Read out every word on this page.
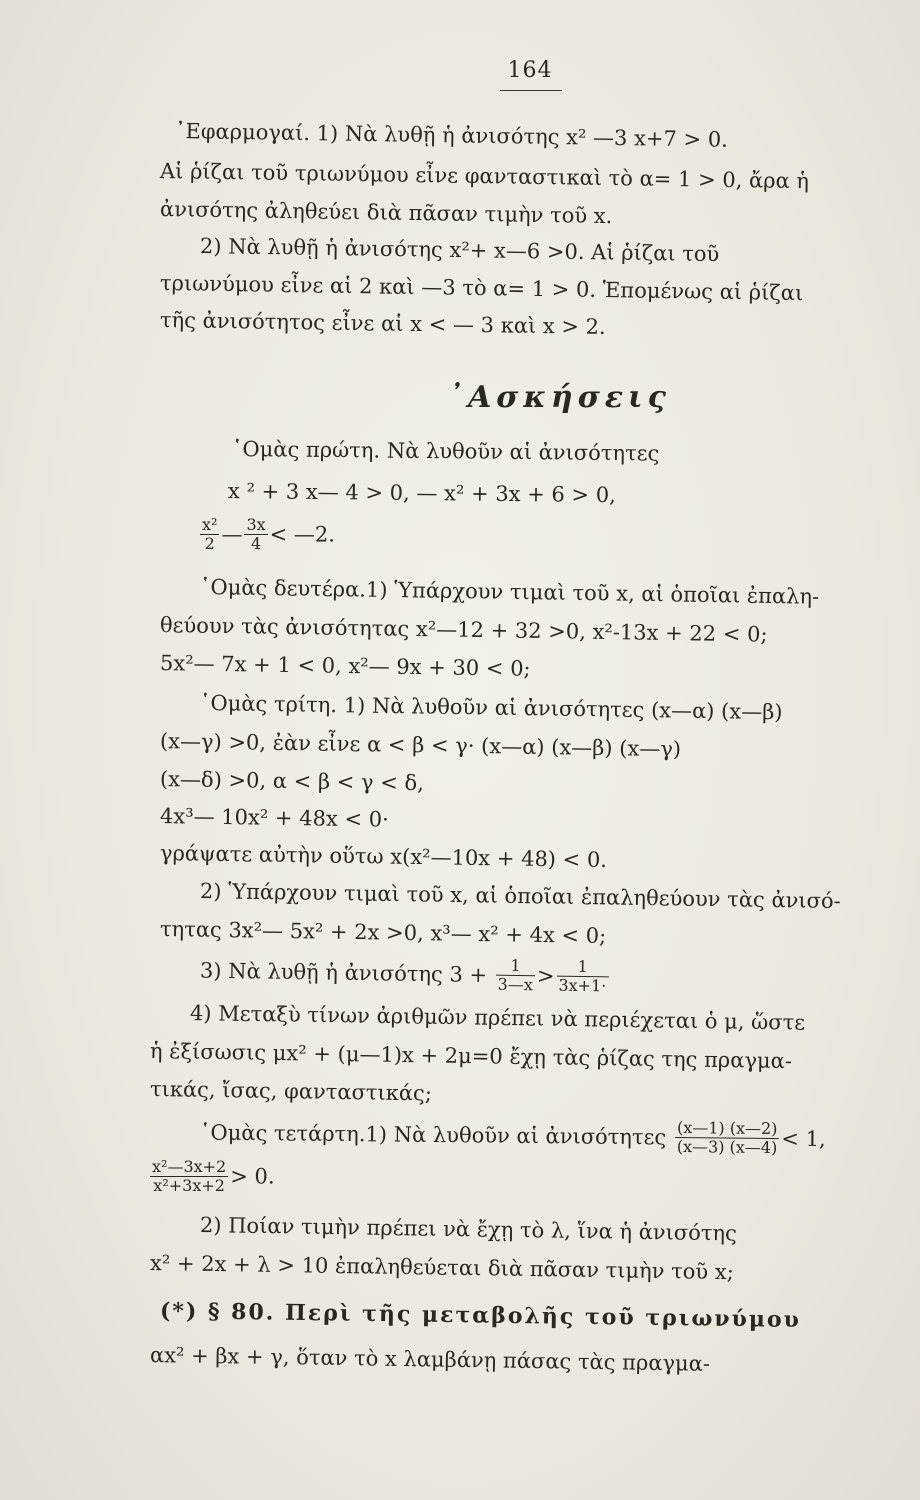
164
᾿Εφαρμογαί. 1) Νὰ λυθῇ ἡ ἀνισότης x² —3 x+7 > 0.
Αἱ ῥίζαι τοῦ τριωνύμου εἶνε φανταστικαὶ τὸ α= 1 > 0, ἄρα ἡ
ἀνισότης ἀληθεύει διὰ πᾶσαν τιμὴν τοῦ x.
2) Νὰ λυθῇ ἡ ἀνισότης x²+ x—6 >0. Αἱ ῥίζαι τοῦ
τριωνύμου εἶνε αἱ 2 καὶ —3 τὸ α= 1 > 0. Ἑπομένως αἱ ῥίζαι
τῆς ἀνισότητος εἶνε αἱ x < — 3 καὶ x > 2.
᾿Ασκήσεις
῾Ομὰς πρώτη. Νὰ λυθοῦν αἱ ἀνισότητες
x ² + 3 x— 4 > 0, — x² + 3x + 6 > 0,
$\frac{\text{x²}}{2}$ — $\frac{3x}{4}$ < —2.
῾Ομὰς δευτέρα.1) Ὑπάρχουν τιμαὶ τοῦ x, αἱ ὁποῖαι ἐπαλη-
θεύουν τὰς ἀνισότητας x²—12 + 32 >0, x²-13x + 22 < 0;
5x²— 7x + 1 < 0, x²— 9x + 30 < 0;
῾Ομὰς τρίτη. 1) Νὰ λυθοῦν αἱ ἀνισότητες (x—α) (x—β)
(x—γ) >0, ἐὰν εἶνε α < β < γ· (x—α) (x—β) (x—γ)
(x—δ) >0, α < β < γ < δ,
4x³— 10x² + 48x < 0·
γράψατε αὐτὴν οὕτω x(x²—10x + 48) < 0.
2) Ὑπάρχουν τιμαὶ τοῦ x, αἱ ὁποῖαι ἐπαληθεύουν τὰς ἀνισό-
τητας 3x²— 5x² + 2x >0, x³— x² + 4x < 0;
3) Νὰ λυθῇ ἡ ἀνισότης $3 + \frac{1}{3—x} > \frac{1}{3x+1\cdot}$
4) Μεταξὺ τίνων ἀριθμῶν πρέπει νὰ περιέχεται ὁ μ, ὥστε
ἡ ἐξίσωσις μx² + (μ—1)x + 2μ=0 ἔχῃ τὰς ῥίζας της πραγμα-
τικάς, ἴσας, φανταστικάς;
῾Ομὰς τετάρτη.1) Νὰ λυθοῦν αἱ ἀνισότητες $\frac{(x—1) (x—2)}{(x—3) (x—4)} < 1$,
$\frac{\text{x²—3x+2}}{\text{x²+3x+2}} > 0$.
2) Ποίαν τιμὴν πρέπει νὰ ἔχῃ τὸ λ, ἵνα ἡ ἀνισότης
x² + 2x + λ > 10 ἐπαληθεύεται διὰ πᾶσαν τιμὴν τοῦ x;
(*) § 80. Περὶ τῆς μεταβολῆς τοῦ τριωνύμου
αx² + βx + γ, ὅταν τὸ x λαμβάνῃ πάσας τὰς πραγμα-
